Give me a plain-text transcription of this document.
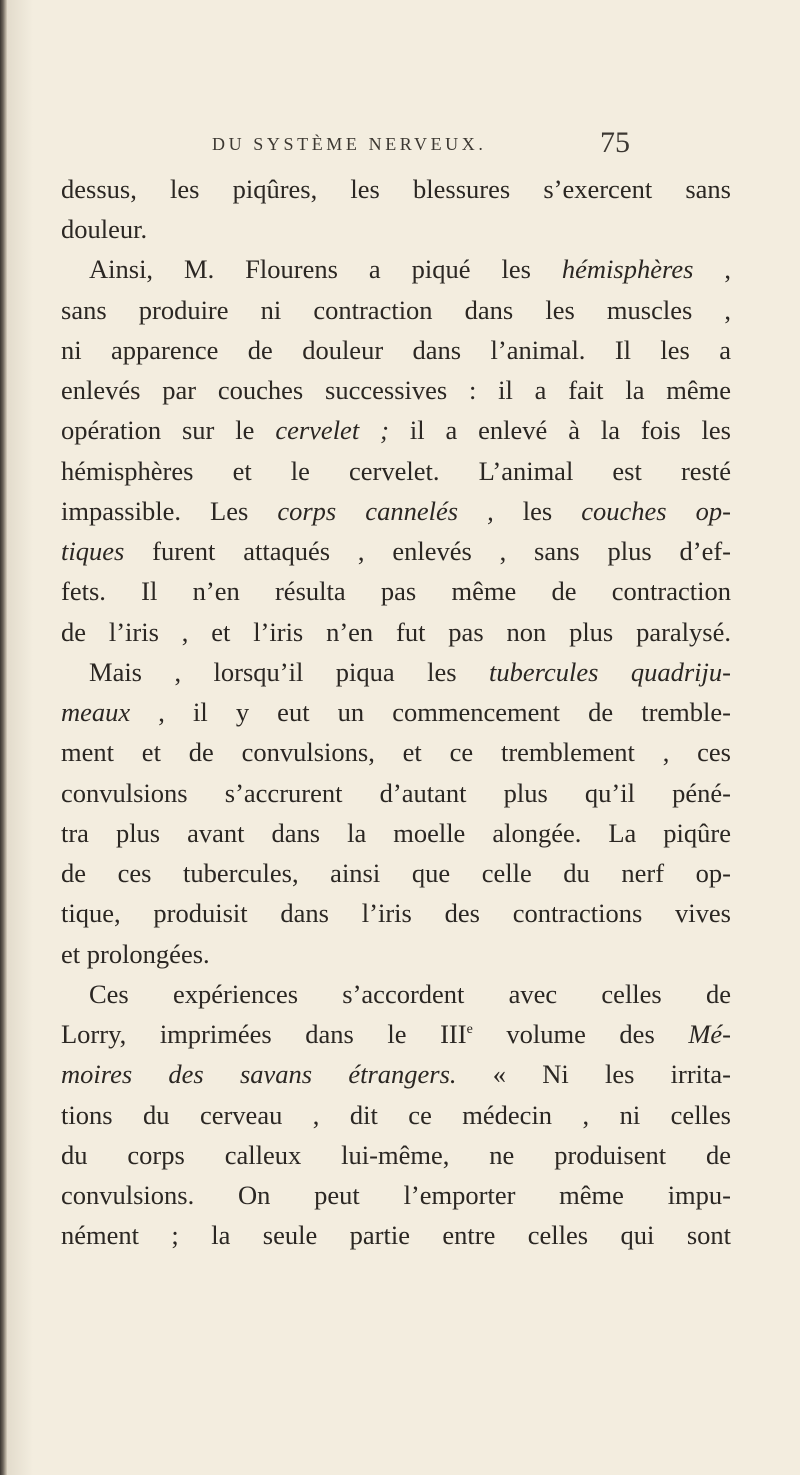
DU SYSTÈME NERVEUX.	75
dessus, les piqûres, les blessures s’exercent sans
douleur.
Ainsi, M. Flourens a piqué les hémisphères ,
sans produire ni contraction dans les muscles ,
ni apparence de douleur dans l’animal. Il les a
enlevés par couches successives : il a fait la même
opération sur le cervelet ; il a enlevé à la fois les
hémisphères et le cervelet. L’animal est resté
impassible. Les corps cannelés , les couches op-
tiques furent attaqués , enlevés , sans plus d’ef-
fets. Il n’en résulta pas même de contraction
de l’iris , et l’iris n’en fut pas non plus paralysé.
Mais , lorsqu’il piqua les tubercules quadriju-
meaux , il y eut un commencement de tremble-
ment et de convulsions, et ce tremblement , ces
convulsions s’accrurent d’autant plus qu’il péné-
tra plus avant dans la moelle alongée. La piqûre
de ces tubercules, ainsi que celle du nerf op-
tique, produisit dans l’iris des contractions vives
et prolongées.
Ces expériences s’accordent avec celles de
Lorry, imprimées dans le IIIe volume des Mé-
moires des savans étrangers. « Ni les irrita-
tions du cerveau , dit ce médecin , ni celles
du corps calleux lui-même, ne produisent de
convulsions. On peut l’emporter même impu-
nément ; la seule partie entre celles qui sont
